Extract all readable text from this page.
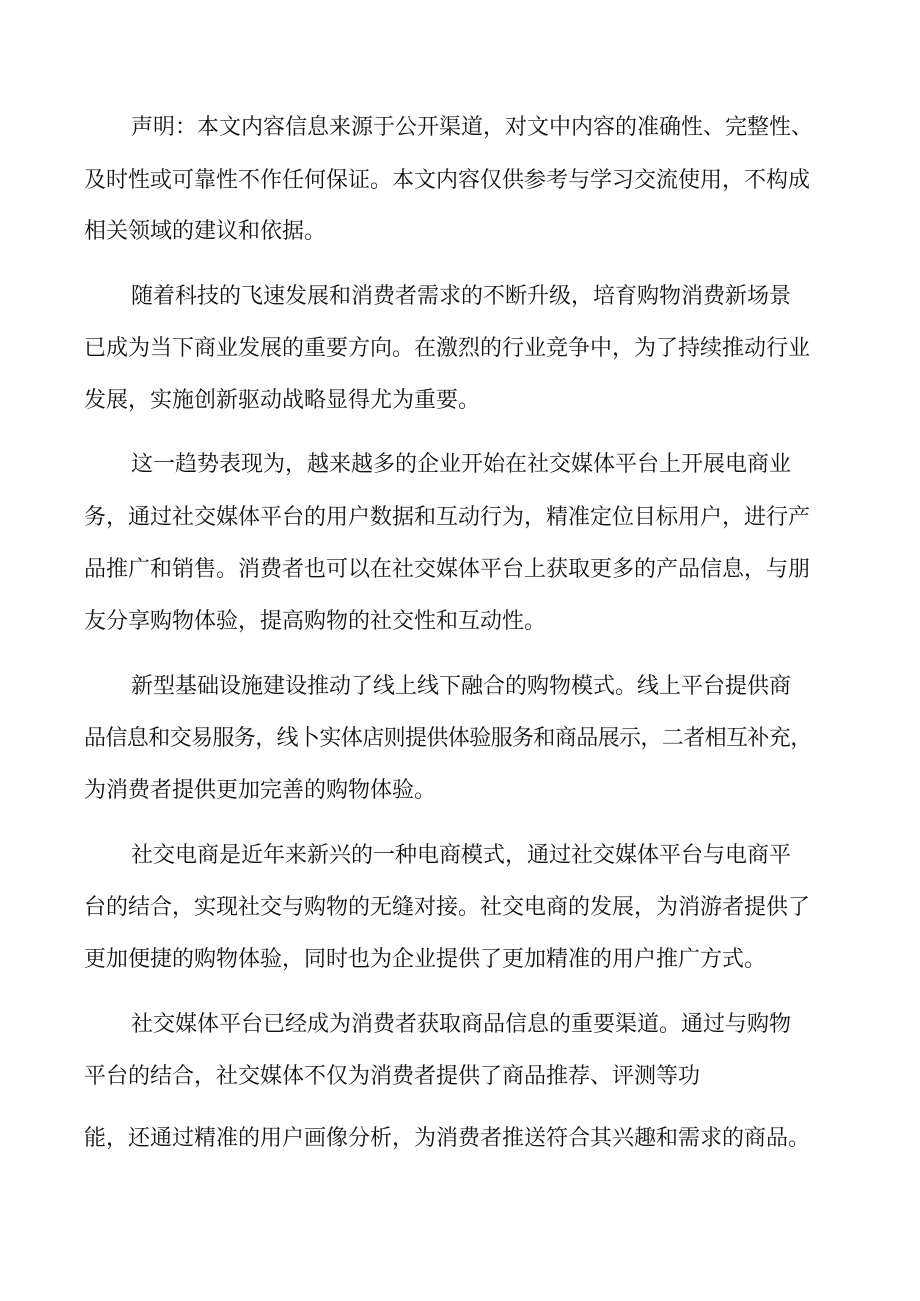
声明：本文内容信息来源于公开渠道，对文中内容的准确性、完整性、

及时性或可靠性不作任何保证。本文内容仅供参考与学习交流使用，不构成

相关领域的建议和依据。

随着科技的飞速发展和消费者需求的不断升级，培育购物消费新场景

已成为当下商业发展的重要方向。在激烈的行业竞争中，为了持续推动行业

发展，实施创新驱动战略显得尤为重要。

这一趋势表现为，越来越多的企业开始在社交媒体平台上开展电商业

务，通过社交媒体平台的用户数据和互动行为，精准定位目标用户，进行产

品推广和销售。消费者也可以在社交媒体平台上获取更多的产品信息，与朋

友分享购物体验，提高购物的社交性和互动性。

新型基础设施建设推动了线上线下融合的购物模式。线上平台提供商

品信息和交易服务，线卜实体店则提供体验服务和商品展示，二者相互补充，

为消费者提供更加完善的购物体验。

社交电商是近年来新兴的一种电商模式，通过社交媒体平台与电商平

台的结合，实现社交与购物的无缝对接。社交电商的发展，为消游者提供了

更加便捷的购物体验，同时也为企业提供了更加精准的用户推广方式。

社交媒体平台已经成为消费者获取商品信息的重要渠道。通过与购物

平台的结合，社交媒体不仅为消费者提供了商品推荐、评测等功

能，还通过精准的用户画像分析，为消费者推送符合其兴趣和需求的商品。
